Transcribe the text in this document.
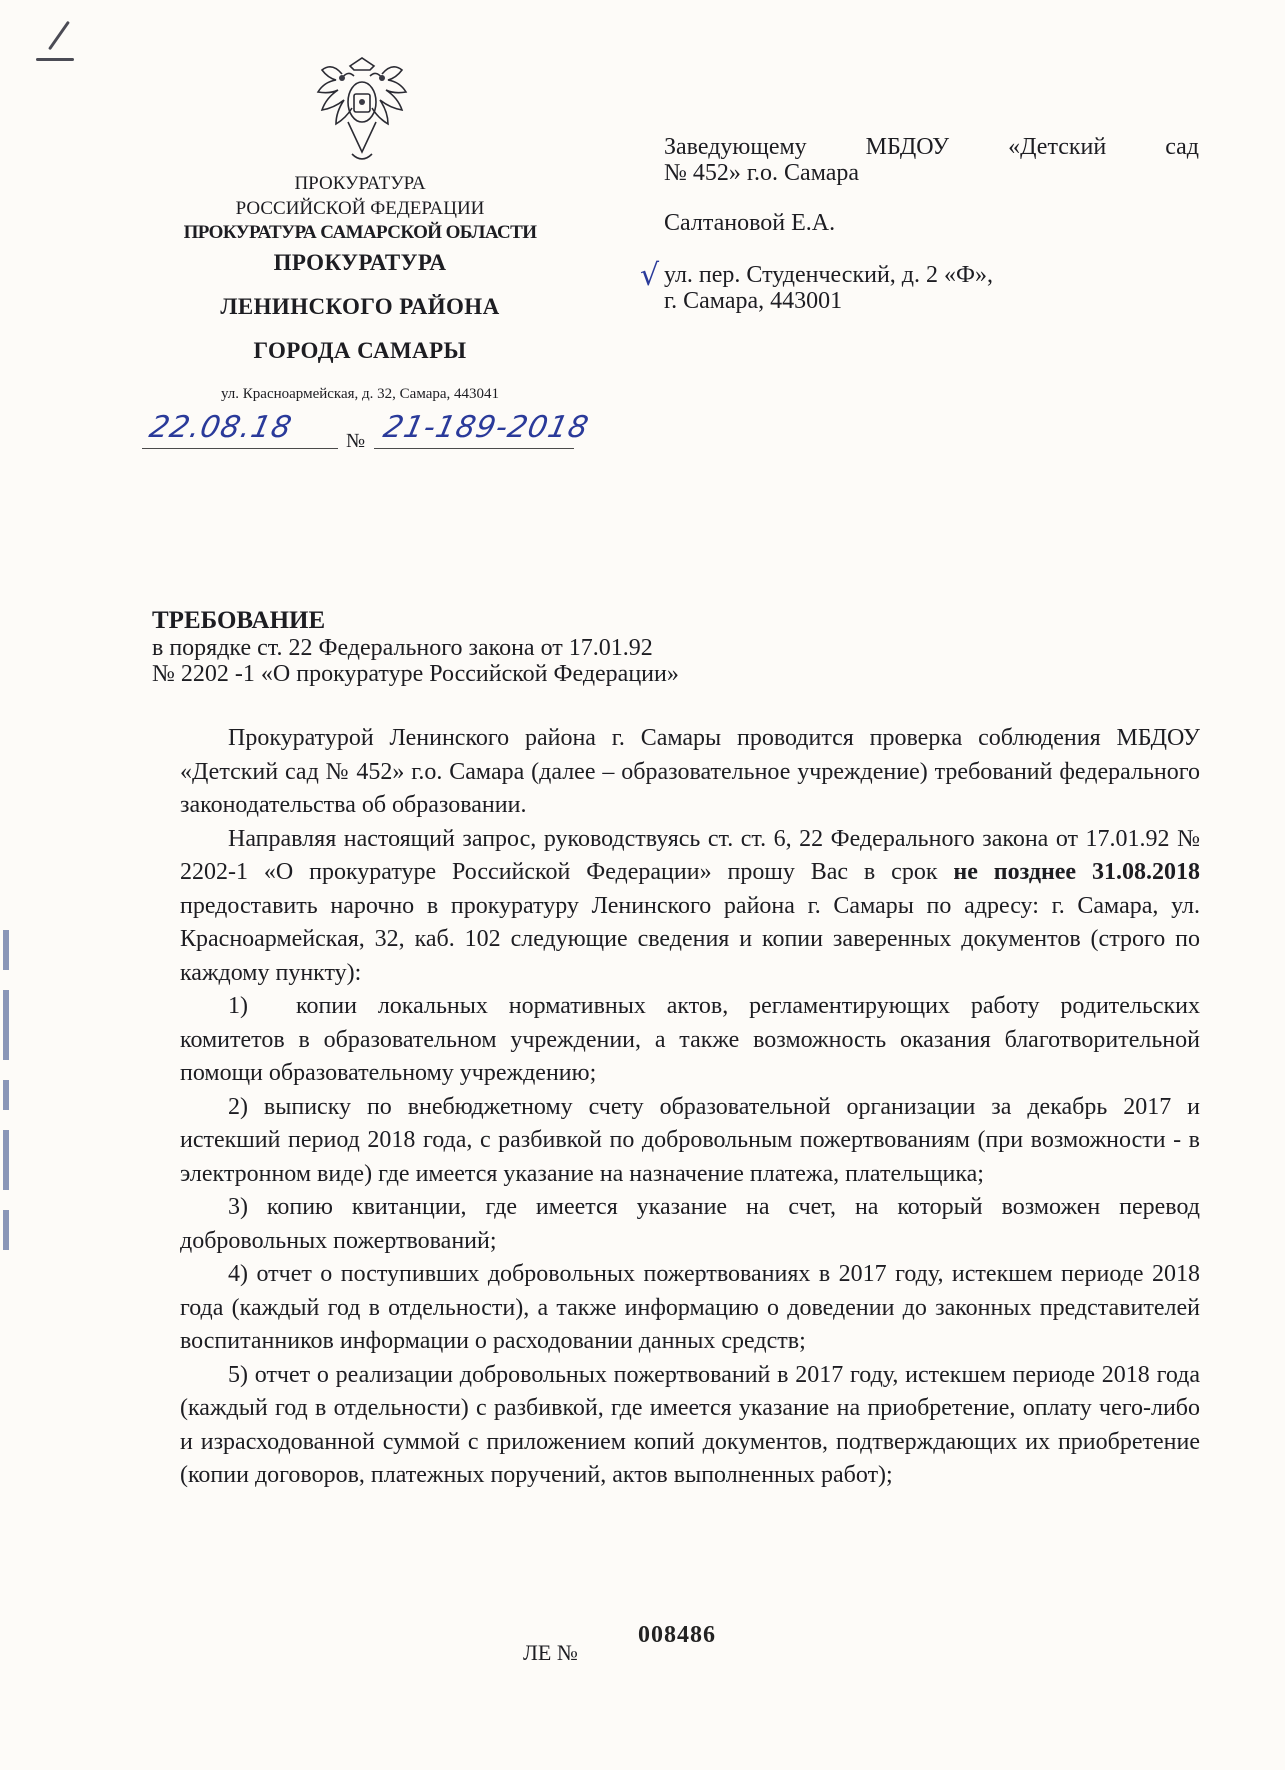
ПРОКУРАТУРА
РОССИЙСКОЙ ФЕДЕРАЦИИ
ПРОКУРАТУРА САМАРСКОЙ ОБЛАСТИ
ПРОКУРАТУРА
ЛЕНИНСКОГО РАЙОНА
ГОРОДА САМАРЫ
ул. Красноармейская, д. 32, Самара, 443041
22.08.18	№ 21-189-2018
Заведующему МБДОУ «Детский сад
№ 452» г.о. Самара
Салтановой Е.А.
√ ул. пер. Студенческий, д. 2 «Ф»,
г. Самара, 443001
ТРЕБОВАНИЕ
в порядке ст. 22 Федерального закона от 17.01.92
№ 2202 -1 «О прокуратуре Российской Федерации»

Прокуратурой Ленинского района г. Самары проводится проверка соблюдения МБДОУ «Детский сад № 452» г.о. Самара (далее – образовательное учреждение) требований федерального законодательства об образовании.

Направляя настоящий запрос, руководствуясь ст. ст. 6, 22 Федерального закона от 17.01.92 № 2202-1 «О прокуратуре Российской Федерации» прошу Вас в срок не позднее 31.08.2018 предоставить нарочно в прокуратуру Ленинского района г. Самары по адресу: г. Самара, ул. Красноармейская, 32, каб. 102 следующие сведения и копии заверенных документов (строго по каждому пункту):

1) копии локальных нормативных актов, регламентирующих работу родительских комитетов в образовательном учреждении, а также возможность оказания благотворительной помощи образовательному учреждению;

2) выписку по внебюджетному счету образовательной организации за декабрь 2017 и истекший период 2018 года, с разбивкой по добровольным пожертвованиям (при возможности - в электронном виде) где имеется указание на назначение платежа, плательщика;

3) копию квитанции, где имеется указание на счет, на который возможен перевод добровольных пожертвований;

4) отчет о поступивших добровольных пожертвованиях в 2017 году, истекшем периоде 2018 года (каждый год в отдельности), а также информацию о доведении до законных представителей воспитанников информации о расходовании данных средств;

5) отчет о реализации добровольных пожертвований в 2017 году, истекшем периоде 2018 года (каждый год в отдельности) с разбивкой, где имеется указание на приобретение, оплату чего-либо и израсходованной суммой с приложением копий документов, подтверждающих их приобретение (копии договоров, платежных поручений, актов выполненных работ);

ЛЕ №
008486
